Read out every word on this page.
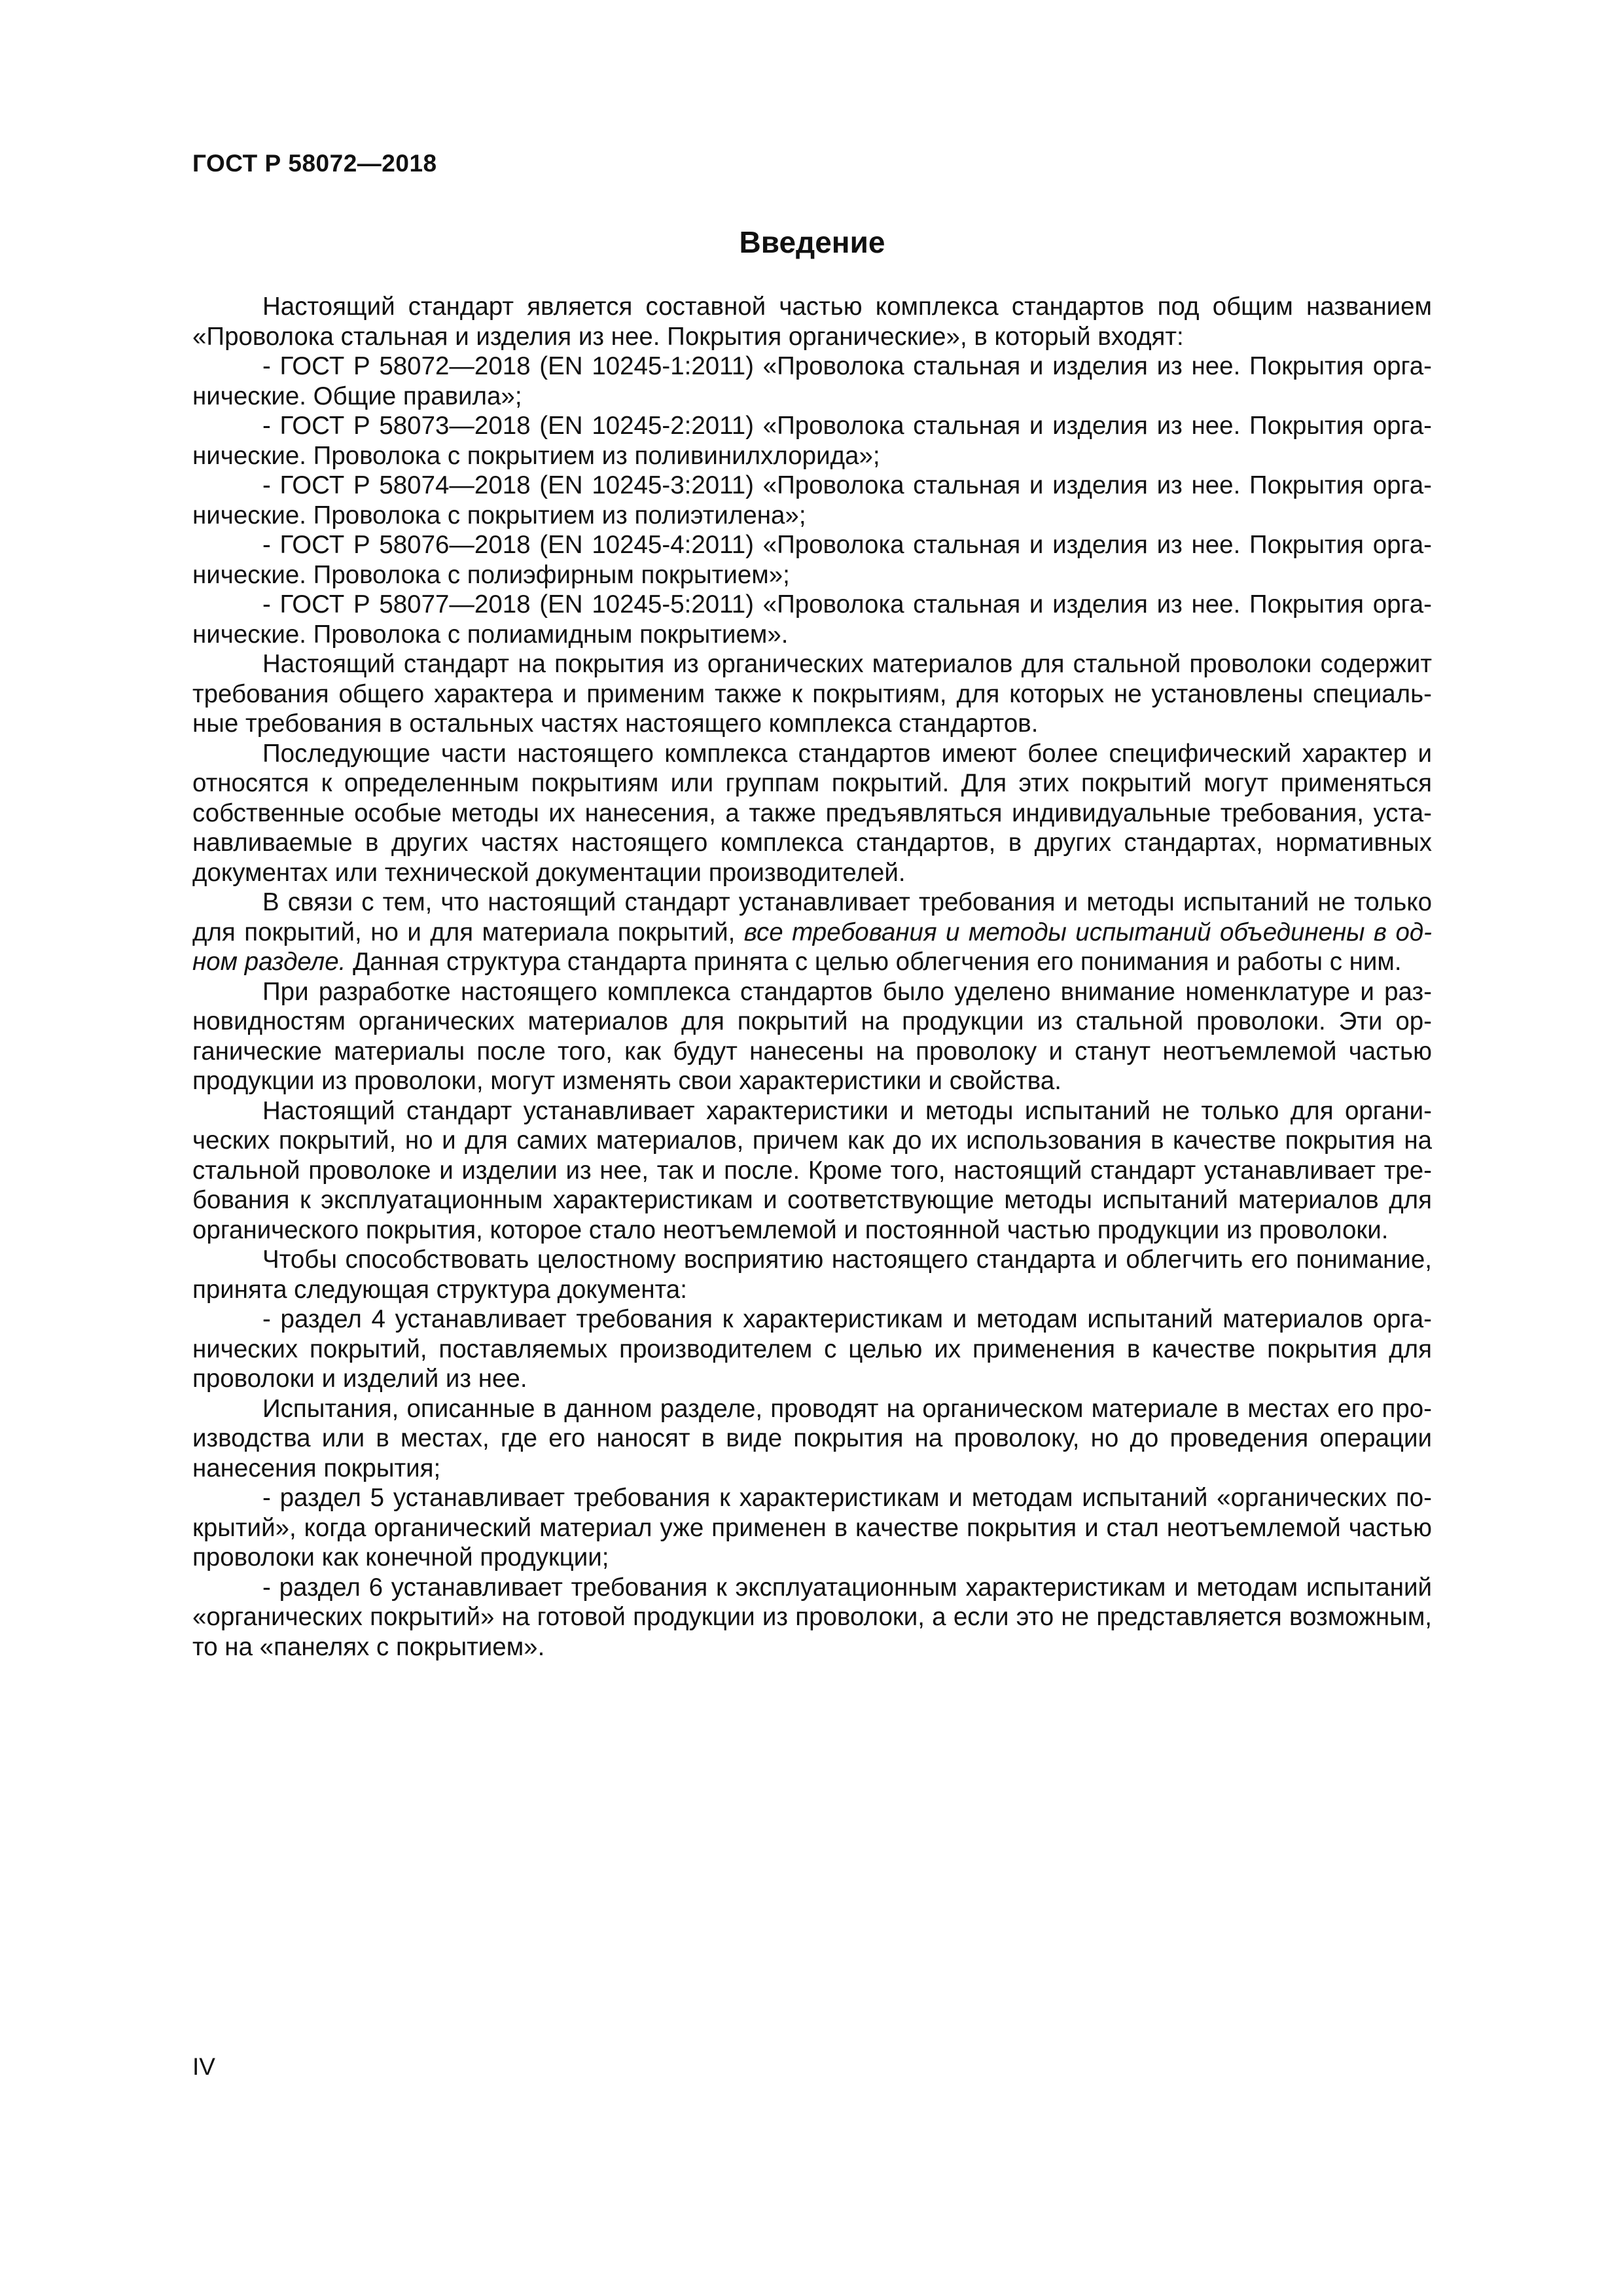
ГОСТ Р 58072—2018
Введение

Настоящий стандарт является составной частью комплекса стандартов под общим названием «Проволока стальная и изделия из нее. Покрытия органические», в который входят:

- ГОСТ Р 58072—2018 (EN 10245-1:2011) «Проволока стальная и изделия из нее. Покрытия органические. Общие правила»;

- ГОСТ Р 58073—2018 (EN 10245-2:2011) «Проволока стальная и изделия из нее. Покрытия органические. Проволока с покрытием из поливинилхлорида»;

- ГОСТ Р 58074—2018 (EN 10245-3:2011) «Проволока стальная и изделия из нее. Покрытия органические. Проволока с покрытием из полиэтилена»;

- ГОСТ Р 58076—2018 (EN 10245-4:2011) «Проволока стальная и изделия из нее. Покрытия органические. Проволока с полиэфирным покрытием»;

- ГОСТ Р 58077—2018 (EN 10245-5:2011) «Проволока стальная и изделия из нее. Покрытия органические. Проволока с полиамидным покрытием».

Настоящий стандарт на покрытия из органических материалов для стальной проволоки содержит требования общего характера и применим также к покрытиям, для которых не установлены специальные требования в остальных частях настоящего комплекса стандартов.

Последующие части настоящего комплекса стандартов имеют более специфический характер и относятся к определенным покрытиям или группам покрытий. Для этих покрытий могут применяться собственные особые методы их нанесения, а также предъявляться индивидуальные требования, устанавливаемые в других частях настоящего комплекса стандартов, в других стандартах, нормативных документах или технической документации производителей.

В связи с тем, что настоящий стандарт устанавливает требования и методы испытаний не только для покрытий, но и для материала покрытий, все требования и методы испытаний объединены в одном разделе. Данная структура стандарта принята с целью облегчения его понимания и работы с ним.

При разработке настоящего комплекса стандартов было уделено внимание номенклатуре и разновидностям органических материалов для покрытий на продукции из стальной проволоки. Эти органические материалы после того, как будут нанесены на проволоку и станут неотъемлемой частью продукции из проволоки, могут изменять свои характеристики и свойства.

Настоящий стандарт устанавливает характеристики и методы испытаний не только для органических покрытий, но и для самих материалов, причем как до их использования в качестве покрытия на стальной проволоке и изделии из нее, так и после. Кроме того, настоящий стандарт устанавливает требования к эксплуатационным характеристикам и соответствующие методы испытаний материалов для органического покрытия, которое стало неотъемлемой и постоянной частью продукции из проволоки.

Чтобы способствовать целостному восприятию настоящего стандарта и облегчить его понимание, принята следующая структура документа:

- раздел 4 устанавливает требования к характеристикам и методам испытаний материалов органических покрытий, поставляемых производителем с целью их применения в качестве покрытия для проволоки и изделий из нее.

Испытания, описанные в данном разделе, проводят на органическом материале в местах его производства или в местах, где его наносят в виде покрытия на проволоку, но до проведения операции нанесения покрытия;

- раздел 5 устанавливает требования к характеристикам и методам испытаний «органических покрытий», когда органический материал уже применен в качестве покрытия и стал неотъемлемой частью проволоки как конечной продукции;

- раздел 6 устанавливает требования к эксплуатационным характеристикам и методам испытаний «органических покрытий» на готовой продукции из проволоки, а если это не представляется возможным, то на «панелях с покрытием».

IV
